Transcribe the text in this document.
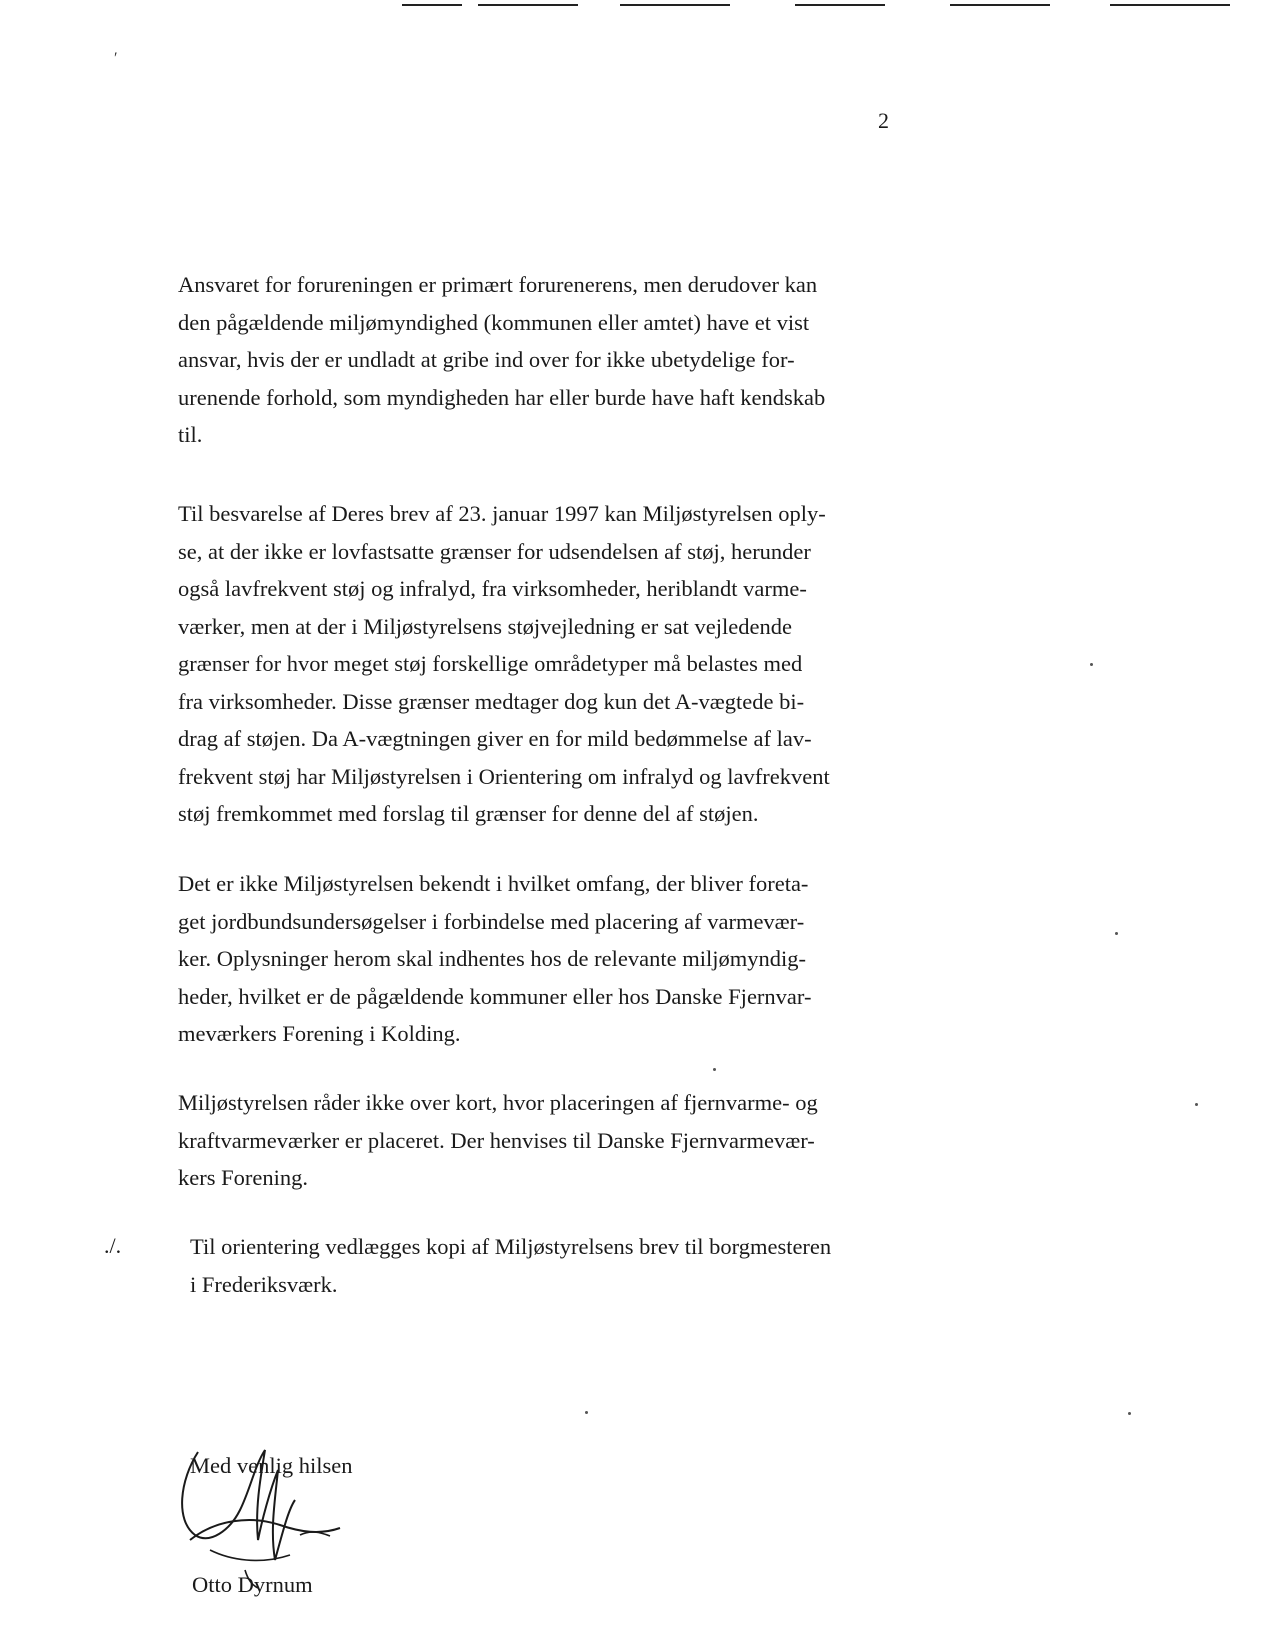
′
2
Ansvaret for forureningen er primært forurenerens, men derudover kan
den pågældende miljømyndighed (kommunen eller amtet) have et vist
ansvar, hvis der er undladt at gribe ind over for ikke ubetydelige for-
urenende forhold, som myndigheden har eller burde have haft kendskab
til.
Til besvarelse af Deres brev af 23. januar 1997 kan Miljøstyrelsen oply-
se, at der ikke er lovfastsatte grænser for udsendelsen af støj, herunder
også lavfrekvent støj og infralyd, fra virksomheder, heriblandt varme-
værker, men at der i Miljøstyrelsens støjvejledning er sat vejledende
grænser for hvor meget støj forskellige områdetyper må belastes med
fra virksomheder. Disse grænser medtager dog kun det A-vægtede bi-
drag af støjen. Da A-vægtningen giver en for mild bedømmelse af lav-
frekvent støj har Miljøstyrelsen i Orientering om infralyd og lavfrekvent
støj fremkommet med forslag til grænser for denne del af støjen.
Det er ikke Miljøstyrelsen bekendt i hvilket omfang, der bliver foreta-
get jordbundsundersøgelser i forbindelse med placering af varmevær-
ker. Oplysninger herom skal indhentes hos de relevante miljømyndig-
heder, hvilket er de pågældende kommuner eller hos Danske Fjernvar-
meværkers Forening i Kolding.
Miljøstyrelsen råder ikke over kort, hvor placeringen af fjernvarme- og
kraftvarmeværker er placeret. Der henvises til Danske Fjernvarmevær-
kers Forening.
./.	Til orientering vedlægges kopi af Miljøstyrelsens brev til borgmesteren
i Frederiksværk.
Med venlig hilsen
Otto Dyrnum
